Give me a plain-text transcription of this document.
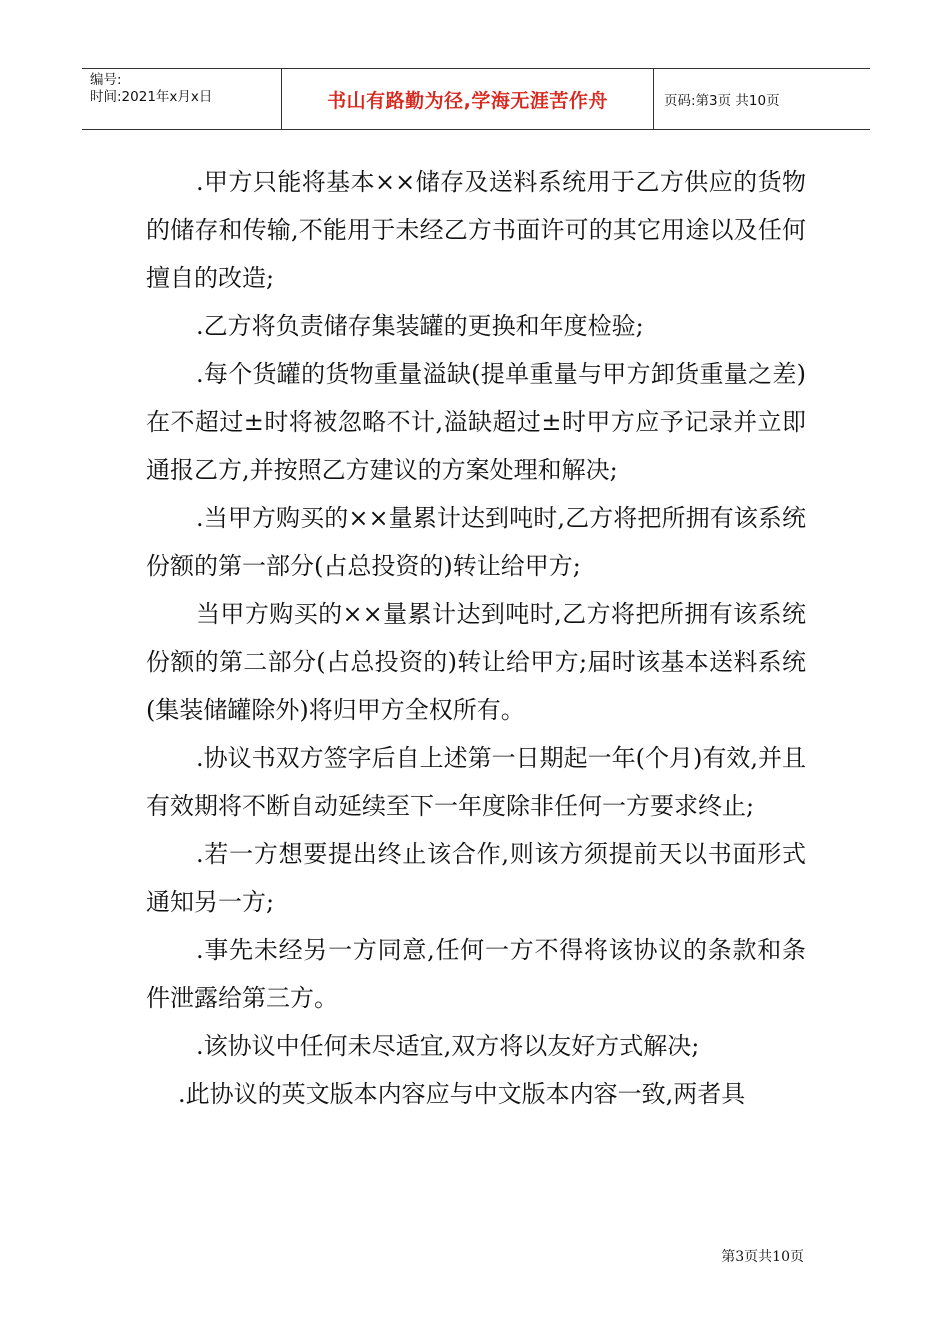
编号:
时间:2021年x月x日	书山有路勤为径,学海无涯苦作舟	页码:第3页 共10页

.甲方只能将基本××储存及送料系统用于乙方供应的货物的储存和传输,不能用于未经乙方书面许可的其它用途以及任何擅自的改造;

.乙方将负责储存集装罐的更换和年度检验;

.每个货罐的货物重量溢缺(提单重量与甲方卸货重量之差)在不超过±时将被忽略不计,溢缺超过±时甲方应予记录并立即通报乙方,并按照乙方建议的方案处理和解决;

.当甲方购买的××量累计达到吨时,乙方将把所拥有该系统份额的第一部分(占总投资的)转让给甲方;

当甲方购买的××量累计达到吨时,乙方将把所拥有该系统份额的第二部分(占总投资的)转让给甲方;届时该基本送料系统(集装储罐除外)将归甲方全权所有。

.协议书双方签字后自上述第一日期起一年(个月)有效,并且有效期将不断自动延续至下一年度除非任何一方要求终止;

.若一方想要提出终止该合作,则该方须提前天以书面形式通知另一方;

.事先未经另一方同意,任何一方不得将该协议的条款和条件泄露给第三方。

.该协议中任何未尽适宜,双方将以友好方式解决;

.此协议的英文版本内容应与中文版本内容一致,两者具

第3页共10页
